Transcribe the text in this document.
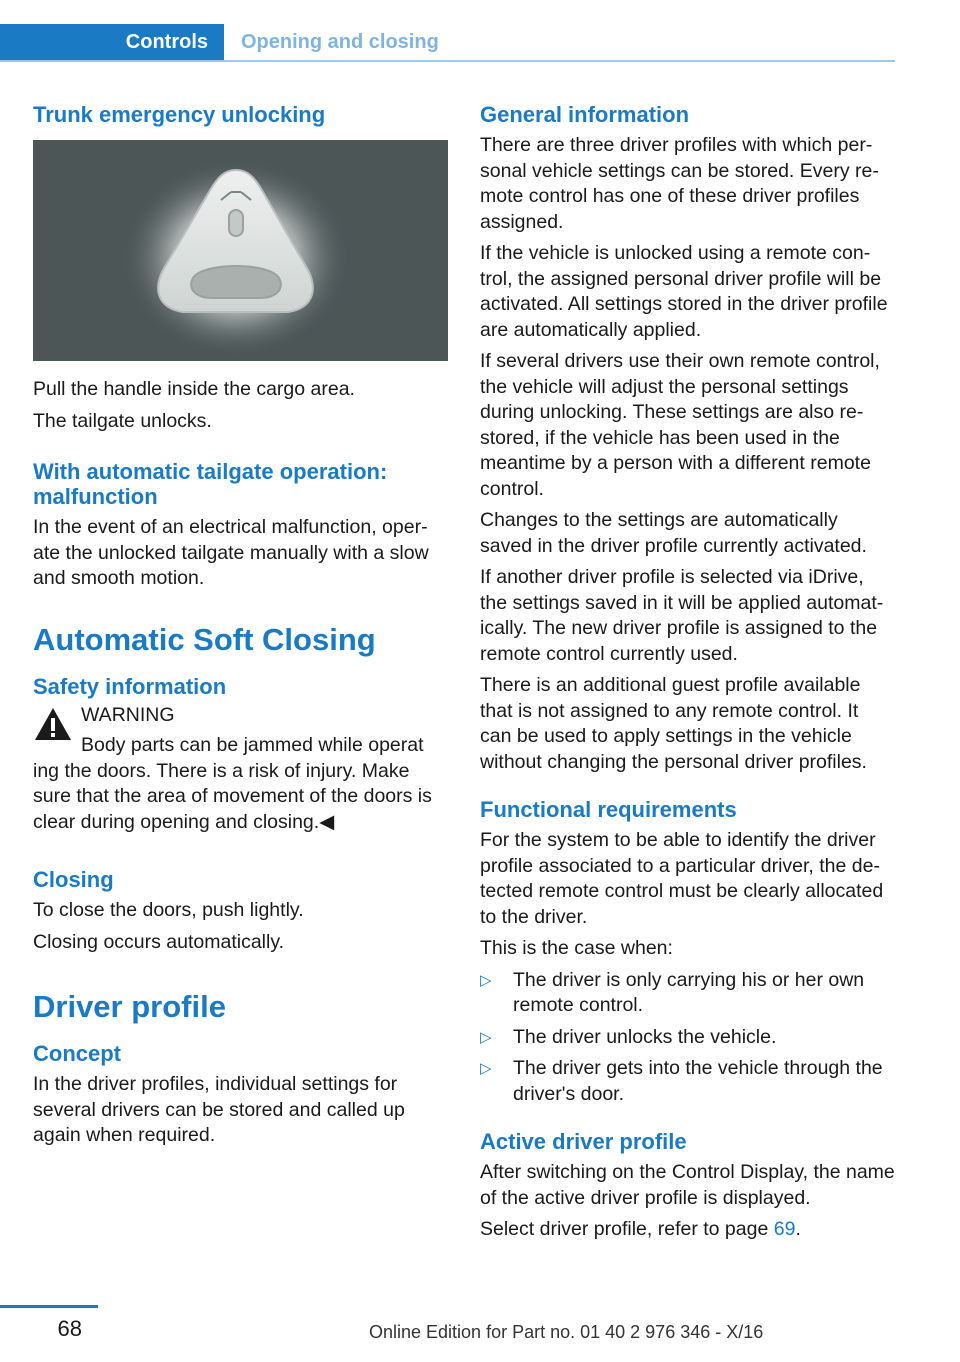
Controls	Opening and closing
Trunk emergency unlocking

Pull the handle inside the cargo area.

The tailgate unlocks.

With automatic tailgate operation: malfunction

In the event of an electrical malfunction, operate the unlocked tailgate manually with a slow and smooth motion.

Automatic Soft Closing
Safety information

WARNING

Body parts can be jammed while operat

ing the doors. There is a risk of injury. Make sure that the area of movement of the doors is clear during opening and closing.◀

Closing

To close the doors, push lightly.

Closing occurs automatically.

Driver profile
Concept

In the driver profiles, individual settings for several drivers can be stored and called up again when required.

General information

There are three driver profiles with which personal vehicle settings can be stored. Every remote control has one of these driver profiles assigned.

If the vehicle is unlocked using a remote control, the assigned personal driver profile will be activated. All settings stored in the driver profile are automatically applied.

If several drivers use their own remote control, the vehicle will adjust the personal settings during unlocking. These settings are also restored, if the vehicle has been used in the meantime by a person with a different remote control.

Changes to the settings are automatically saved in the driver profile currently activated.

If another driver profile is selected via iDrive, the settings saved in it will be applied automatically. The new driver profile is assigned to the remote control currently used.

There is an additional guest profile available that is not assigned to any remote control. It can be used to apply settings in the vehicle without changing the personal driver profiles.

Functional requirements

For the system to be able to identify the driver profile associated to a particular driver, the detected remote control must be clearly allocated to the driver.

This is the case when:

▷ The driver is only carrying his or her own remote control.
▷ The driver unlocks the vehicle.
▷ The driver gets into the vehicle through the driver's door.
Active driver profile

After switching on the Control Display, the name of the active driver profile is displayed.

Select driver profile, refer to page 69.

68	Online Edition for Part no. 01 40 2 976 346 - X/16
